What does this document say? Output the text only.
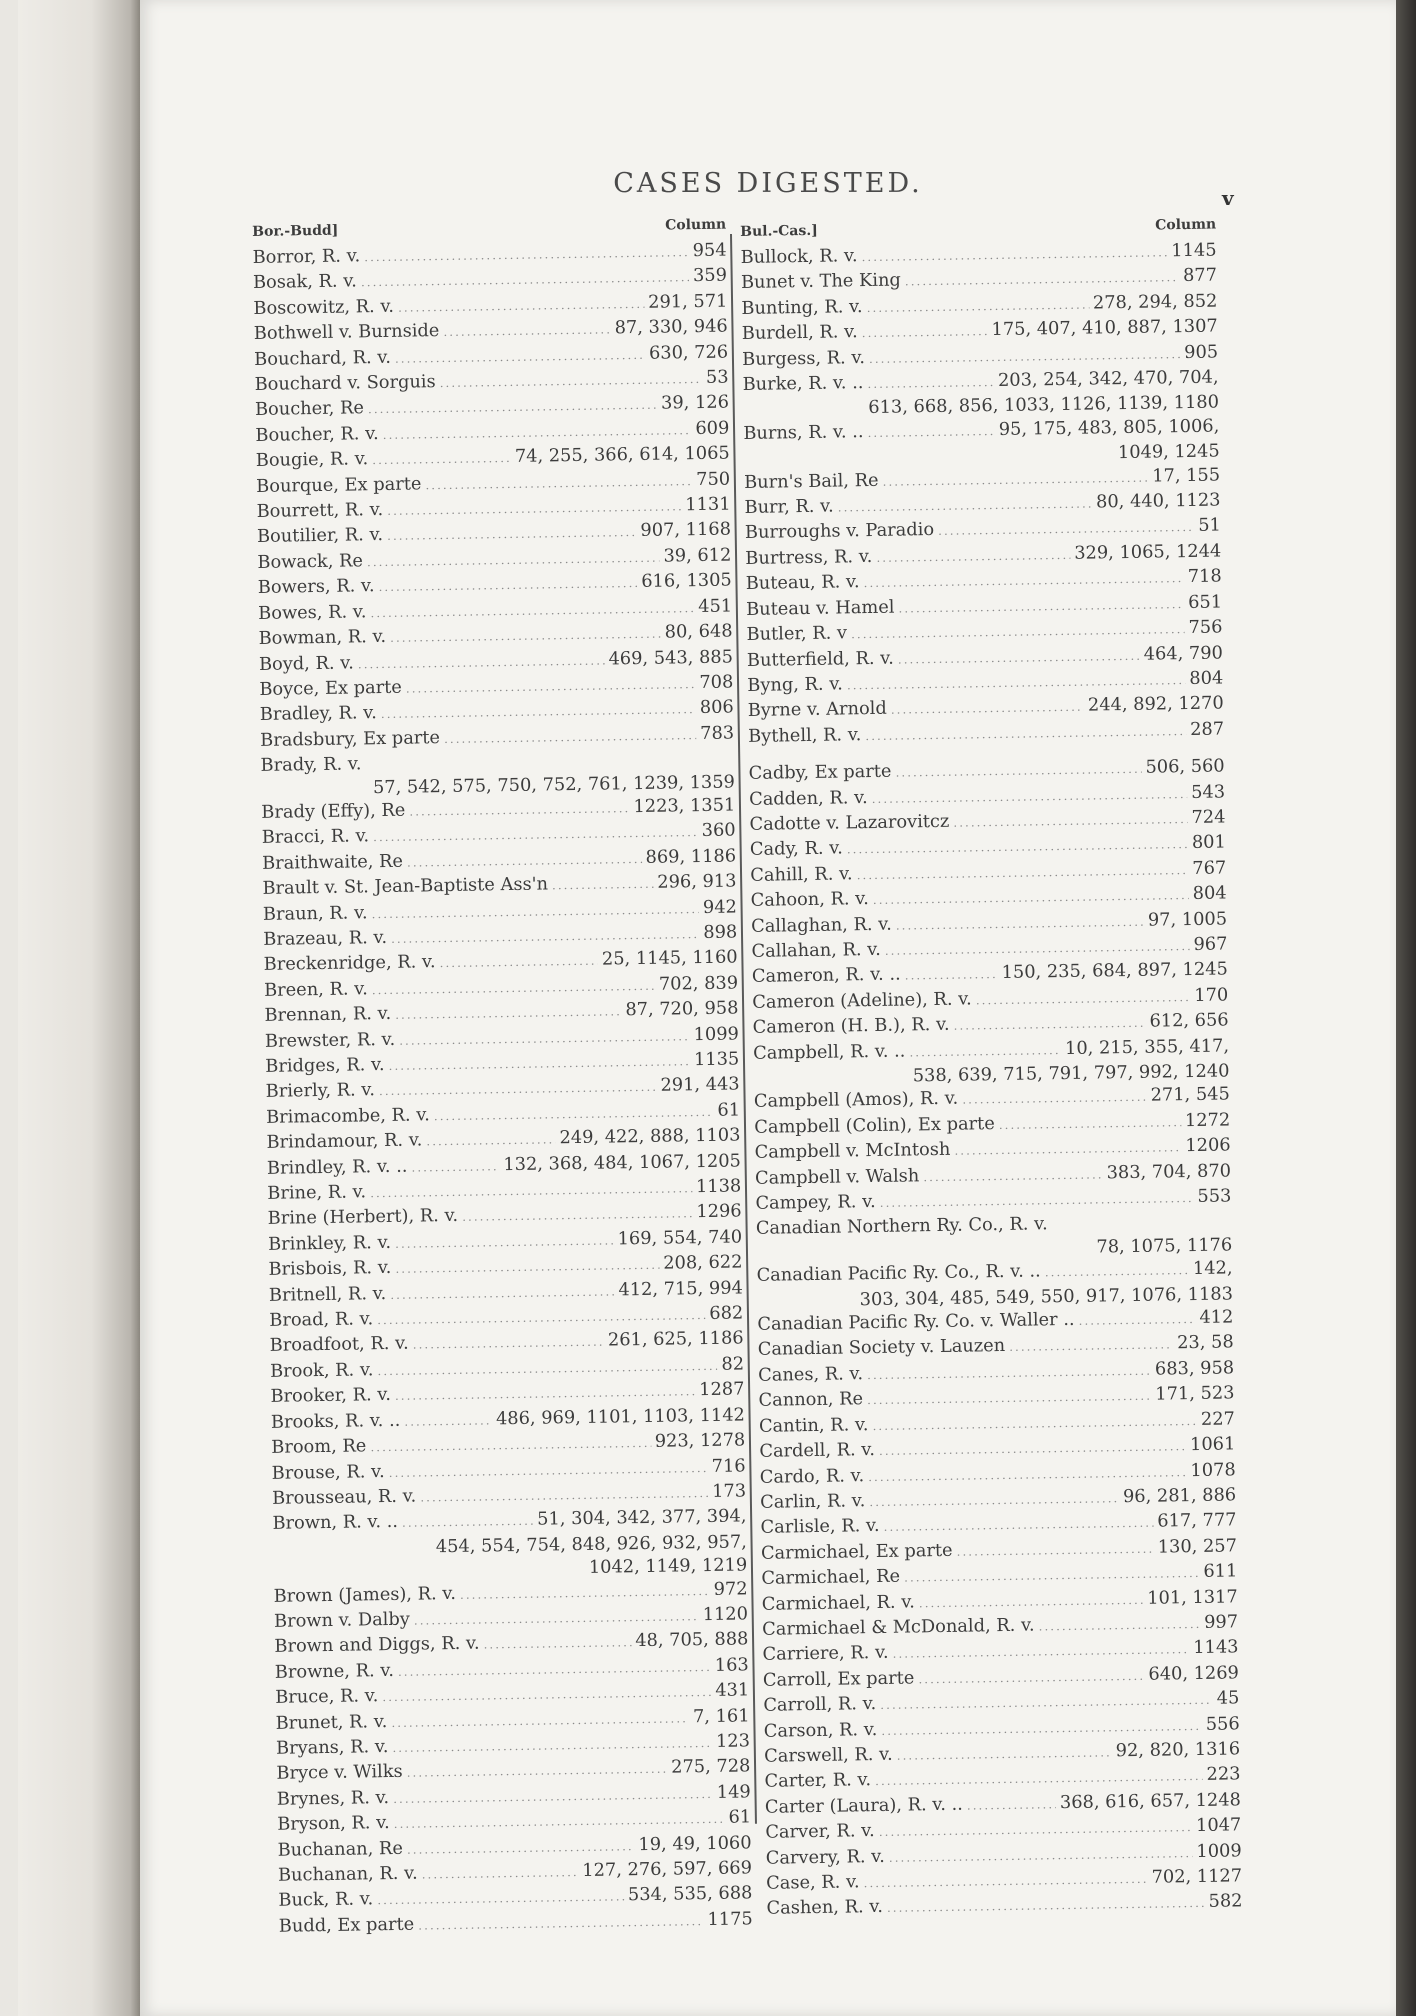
CASES DIGESTED.	v
Bor.-Budd]	Column
Borror, R. v. .....	954
Bosak, R. v. .....	359
Boscowitz, R. v. .....	291, 571
Bothwell v. Burnside .....	87, 330, 946
Bouchard, R. v. .....	630, 726
Bouchard v. Sorguis .....	53
Boucher, Re .....	39, 126
Boucher, R. v. .....	609
Bougie, R. v. .....	74, 255, 366, 614, 1065
Bourque, Ex parte .....	750
Bourrett, R. v. .....	1131
Boutilier, R. v. .....	907, 1168
Bowack, Re .....	39, 612
Bowers, R. v. .....	616, 1305
Bowes, R. v. .....	451
Bowman, R. v. .....	80, 648
Boyd, R. v. .....	469, 543, 885
Boyce, Ex parte .....	708
Bradley, R. v. .....	806
Bradsbury, Ex parte .....	783
Brady, R. v.
57, 542, 575, 750, 752, 761, 1239, 1359
Brady (Effy), Re .....	1223, 1351
Bracci, R. v. .....	360
Braithwaite, Re .....	869, 1186
Brault v. St. Jean-Baptiste Ass'n .....	296, 913
Braun, R. v. .....	942
Brazeau, R. v. .....	898
Breckenridge, R. v. .....	25, 1145, 1160
Breen, R. v. .....	702, 839
Brennan, R. v. .....	87, 720, 958
Brewster, R. v. .....	1099
Bridges, R. v. .....	1135
Brierly, R. v. .....	291, 443
Brimacombe, R. v. .....	61
Brindamour, R. v. .....	249, 422, 888, 1103
Brindley, R. v. .. .....	132, 368, 484, 1067, 1205
Brine, R. v. .....	1138
Brine (Herbert), R. v. .....	1296
Brinkley, R. v. .....	169, 554, 740
Brisbois, R. v. .....	208, 622
Britnell, R. v. .....	412, 715, 994
Broad, R. v. .....	682
Broadfoot, R. v. .....	261, 625, 1186
Brook, R. v. .....	82
Brooker, R. v. .....	1287
Brooks, R. v. .. .....	486, 969, 1101, 1103, 1142
Broom, Re .....	923, 1278
Brouse, R. v. .....	716
Brousseau, R. v. .....	173
Brown, R. v. .. .....	51, 304, 342, 377, 394,
454, 554, 754, 848, 926, 932, 957,
1042, 1149, 1219
Brown (James), R. v. .....	972
Brown v. Dalby .....	1120
Brown and Diggs, R. v. .....	48, 705, 888
Browne, R. v. .....	163
Bruce, R. v. .....	431
Brunet, R. v. .....	7, 161
Bryans, R. v. .....	123
Bryce v. Wilks .....	275, 728
Brynes, R. v. .....	149
Bryson, R. v. .....	61
Buchanan, Re .....	19, 49, 1060
Buchanan, R. v. .....	127, 276, 597, 669
Buck, R. v. .....	534, 535, 688
Budd, Ex parte .....	1175
Bul.-Cas.]	Column
Bullock, R. v. .....	1145
Bunet v. The King .....	877
Bunting, R. v. .....	278, 294, 852
Burdell, R. v. .....	175, 407, 410, 887, 1307
Burgess, R. v. .....	905
Burke, R. v. .. .....	203, 254, 342, 470, 704,
613, 668, 856, 1033, 1126, 1139, 1180
Burns, R. v. .. .....	95, 175, 483, 805, 1006,
1049, 1245
Burn's Bail, Re .....	17, 155
Burr, R. v. .....	80, 440, 1123
Burroughs v. Paradio .....	51
Burtress, R. v. .....	329, 1065, 1244
Buteau, R. v. .....	718
Buteau v. Hamel .....	651
Butler, R. v .....	756
Butterfield, R. v. .....	464, 790
Byng, R. v. .....	804
Byrne v. Arnold .....	244, 892, 1270
Bythell, R. v. .....	287
Cadby, Ex parte .....	506, 560
Cadden, R. v. .....	543
Cadotte v. Lazarovitcz .....	724
Cady, R. v. .....	801
Cahill, R. v. .....	767
Cahoon, R. v. .....	804
Callaghan, R. v. .....	97, 1005
Callahan, R. v. .....	967
Cameron, R. v. .. .....	150, 235, 684, 897, 1245
Cameron (Adeline), R. v. .....	170
Cameron (H. B.), R. v. .....	612, 656
Campbell, R. v. .. .....	10, 215, 355, 417,
538, 639, 715, 791, 797, 992, 1240
Campbell (Amos), R. v. .....	271, 545
Campbell (Colin), Ex parte .....	1272
Campbell v. McIntosh .....	1206
Campbell v. Walsh .....	383, 704, 870
Campey, R. v. .....	553
Canadian Northern Ry. Co., R. v.
78, 1075, 1176
Canadian Pacific Ry. Co., R. v. .. .....	142,
303, 304, 485, 549, 550, 917, 1076, 1183
Canadian Pacific Ry. Co. v. Waller .. .....	412
Canadian Society v. Lauzen .....	23, 58
Canes, R. v. .....	683, 958
Cannon, Re .....	171, 523
Cantin, R. v. .....	227
Cardell, R. v. .....	1061
Cardo, R. v. .....	1078
Carlin, R. v. .....	96, 281, 886
Carlisle, R. v. .....	617, 777
Carmichael, Ex parte .....	130, 257
Carmichael, Re .....	611
Carmichael, R. v. .....	101, 1317
Carmichael & McDonald, R. v. .....	997
Carriere, R. v. .....	1143
Carroll, Ex parte .....	640, 1269
Carroll, R. v. .....	45
Carson, R. v. .....	556
Carswell, R. v. .....	92, 820, 1316
Carter, R. v. .....	223
Carter (Laura), R. v. .. .....	368, 616, 657, 1248
Carver, R. v. .....	1047
Carvery, R. v. .....	1009
Case, R. v. .....	702, 1127
Cashen, R. v. .....	582
